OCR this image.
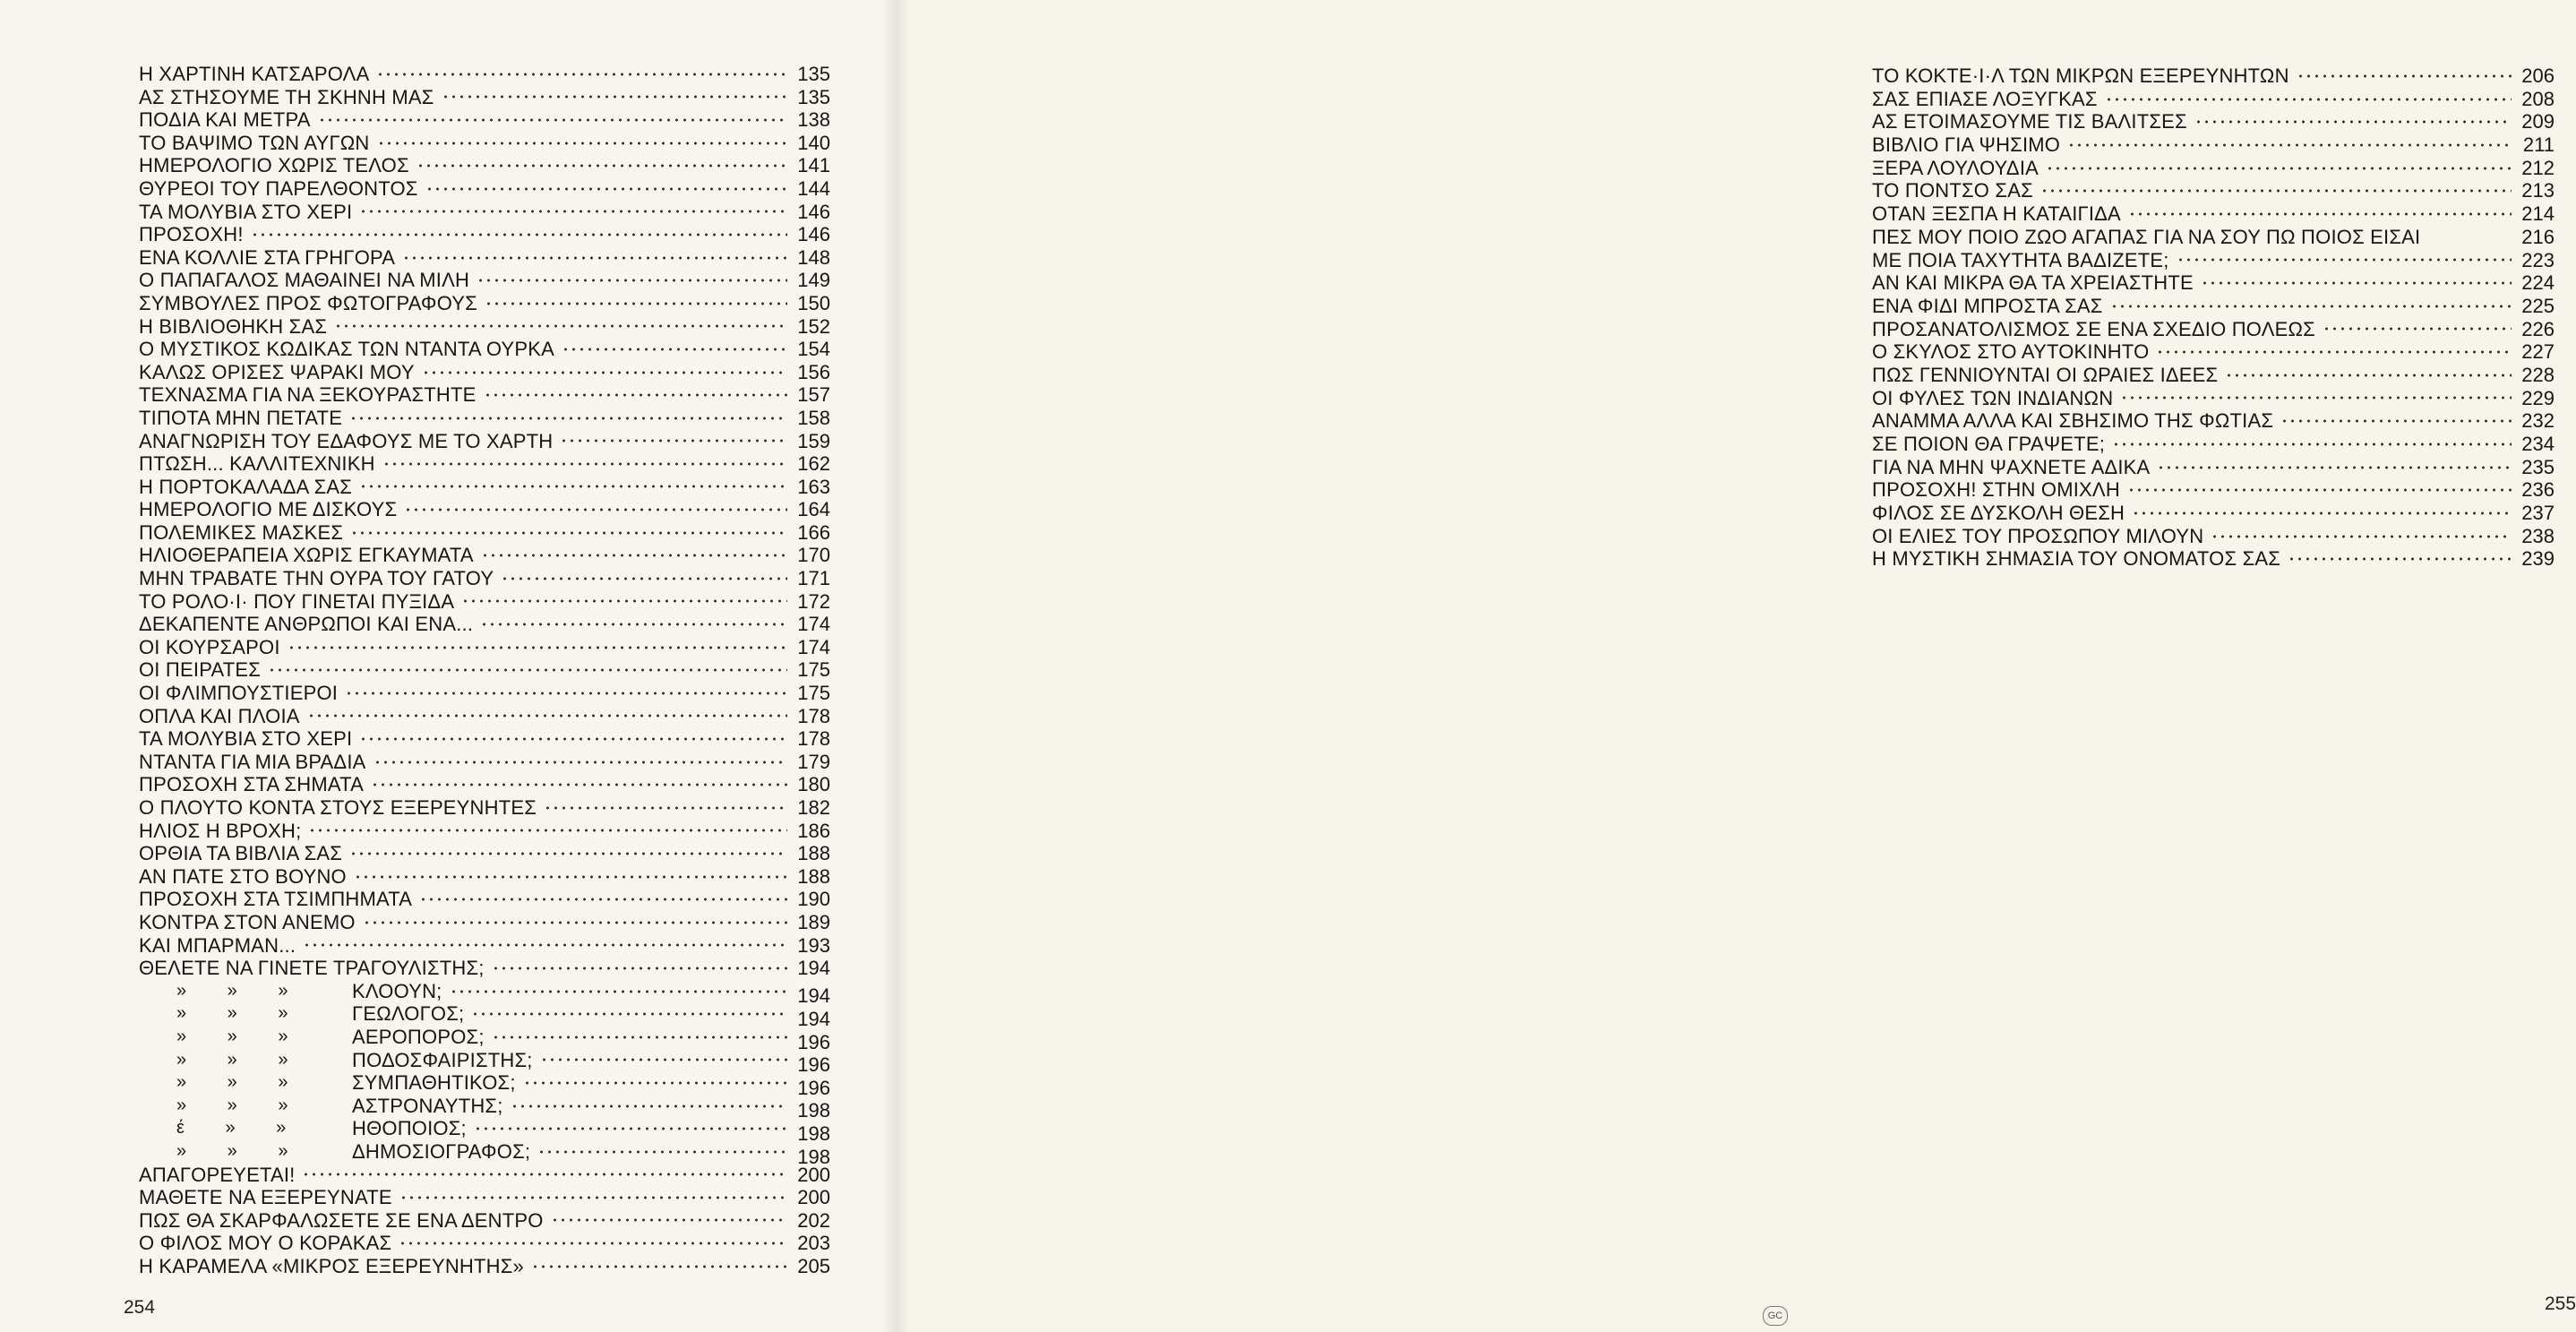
Η ΧΑΡΤΙΝΗ ΚΑΤΣΑΡΟΛΑ	135
ΑΣ ΣΤΗΣΟΥΜΕ ΤΗ ΣΚΗΝΗ ΜΑΣ	135
ΠΟΔΙΑ ΚΑΙ ΜΕΤΡΑ	138
ΤΟ ΒΑΨΙΜΟ ΤΩΝ ΑΥΓΩΝ	140
ΗΜΕΡΟΛΟΓΙΟ ΧΩΡΙΣ ΤΕΛΟΣ	141
ΘΥΡΕΟΙ ΤΟΥ ΠΑΡΕΛΘΟΝΤΟΣ	144
ΤΑ ΜΟΛΥΒΙΑ ΣΤΟ ΧΕΡΙ	146
ΠΡΟΣΟΧΗ!	146
ΕΝΑ ΚΟΛΛΙΕ ΣΤΑ ΓΡΗΓΟΡΑ	148
Ο ΠΑΠΑΓΑΛΟΣ ΜΑΘΑΙΝΕΙ ΝΑ ΜΙΛΗ	149
ΣΥΜΒΟΥΛΕΣ ΠΡΟΣ ΦΩΤΟΓΡΑΦΟΥΣ	150
Η ΒΙΒΛΙΟΘΗΚΗ ΣΑΣ	152
Ο ΜΥΣΤΙΚΟΣ ΚΩΔΙΚΑΣ ΤΩΝ ΝΤΑΝΤΑ ΟΥΡΚΑ	154
ΚΑΛΩΣ ΟΡΙΣΕΣ ΨΑΡΑΚΙ ΜΟΥ	156
ΤΕΧΝΑΣΜΑ ΓΙΑ ΝΑ ΞΕΚΟΥΡΑΣΤΗΤΕ	157
ΤΙΠΟΤΑ ΜΗΝ ΠΕΤΑΤΕ	158
ΑΝΑΓΝΩΡΙΣΗ ΤΟΥ ΕΔΑΦΟΥΣ ΜΕ ΤΟ ΧΑΡΤΗ	159
ΠΤΩΣΗ... ΚΑΛΛΙΤΕΧΝΙΚΗ	162
Η ΠΟΡΤΟΚΑΛΑΔΑ ΣΑΣ	163
ΗΜΕΡΟΛΟΓΙΟ ΜΕ ΔΙΣΚΟΥΣ	164
ΠΟΛΕΜΙΚΕΣ ΜΑΣΚΕΣ	166
ΗΛΙΟΘΕΡΑΠΕΙΑ ΧΩΡΙΣ ΕΓΚΑΥΜΑΤΑ	170
ΜΗΝ ΤΡΑΒΑΤΕ ΤΗΝ ΟΥΡΑ ΤΟΥ ΓΑΤΟΥ	171
ΤΟ ΡΟΛΟ·Ι· ΠΟΥ ΓΙΝΕΤΑΙ ΠΥΞΙΔΑ	172
ΔΕΚΑΠΕΝΤΕ ΑΝΘΡΩΠΟΙ ΚΑΙ ΕΝΑ...	174
ΟΙ ΚΟΥΡΣΑΡΟΙ	174
ΟΙ ΠΕΙΡΑΤΕΣ	175
ΟΙ ΦΛΙΜΠΟΥΣΤΙΕΡΟΙ	175
ΟΠΛΑ ΚΑΙ ΠΛΟΙΑ	178
ΤΑ ΜΟΛΥΒΙΑ ΣΤΟ ΧΕΡΙ	178
ΝΤΑΝΤΑ ΓΙΑ ΜΙΑ ΒΡΑΔΙΑ	179
ΠΡΟΣΟΧΗ ΣΤΑ ΣΗΜΑΤΑ	180
Ο ΠΛΟΥΤΟ ΚΟΝΤΑ ΣΤΟΥΣ ΕΞΕΡΕΥΝΗΤΕΣ	182
ΗΛΙΟΣ Η ΒΡΟΧΗ;	186
ΟΡΘΙΑ ΤΑ ΒΙΒΛΙΑ ΣΑΣ	188
ΑΝ ΠΑΤΕ ΣΤΟ ΒΟΥΝΟ	188
ΠΡΟΣΟΧΗ ΣΤΑ ΤΣΙΜΠΗΜΑΤΑ	190
ΚΟΝΤΡΑ ΣΤΟΝ ΑΝΕΜΟ	189
ΚΑΙ ΜΠΑΡΜΑΝ...	193
ΘΕΛΕΤΕ ΝΑ ΓΙΝΕΤΕ ΤΡΑΓΟΥΛΙΣΤΗΣ;	194
» » »	ΚΛΟΟΥΝ;	194
» » »	ΓΕΩΛΟΓΟΣ;	194
» » »	ΑΕΡΟΠΟΡΟΣ;	196
» » »	ΠΟΔΟΣΦΑΙΡΙΣΤΗΣ;	196
» » »	ΣΥΜΠΑΘΗΤΙΚΟΣ;	196
» » »	ΑΣΤΡΟΝΑΥΤΗΣ;	198
έ » »	ΗΘΟΠΟΙΟΣ;	198
» » »	ΔΗΜΟΣΙΟΓΡΑΦΟΣ;	198
ΑΠΑΓΟΡΕΥΕΤΑΙ!	200
ΜΑΘΕΤΕ ΝΑ ΕΞΕΡΕΥΝΑΤΕ	200
ΠΩΣ ΘΑ ΣΚΑΡΦΑΛΩΣΕΤΕ ΣΕ ΕΝΑ ΔΕΝΤΡΟ	202
Ο ΦΙΛΟΣ ΜΟΥ Ο ΚΟΡΑΚΑΣ	203
Η ΚΑΡΑΜΕΛΑ «ΜΙΚΡΟΣ ΕΞΕΡΕΥΝΗΤΗΣ»	205
254
ΤΟ ΚΟΚΤΕ·Ι·Λ ΤΩΝ ΜΙΚΡΩΝ ΕΞΕΡΕΥΝΗΤΩΝ	206
ΣΑΣ ΕΠΙΑΣΕ ΛΟΞΥΓΚΑΣ	208
ΑΣ ΕΤΟΙΜΑΣΟΥΜΕ ΤΙΣ ΒΑΛΙΤΣΕΣ	209
ΒΙΒΛΙΟ ΓΙΑ ΨΗΣΙΜΟ	211
ΞΕΡΑ ΛΟΥΛΟΥΔΙΑ	212
ΤΟ ΠΟΝΤΣΟ ΣΑΣ	213
ΟΤΑΝ ΞΕΣΠΑ Η ΚΑΤΑΙΓΙΔΑ	214
ΠΕΣ ΜΟΥ ΠΟΙΟ ΖΩΟ ΑΓΑΠΑΣ ΓΙΑ ΝΑ ΣΟΥ ΠΩ ΠΟΙΟΣ ΕΙΣΑΙ	216
ΜΕ ΠΟΙΑ ΤΑΧΥΤΗΤΑ ΒΑΔΙΖΕΤΕ;	223
ΑΝ ΚΑΙ ΜΙΚΡΑ ΘΑ ΤΑ ΧΡΕΙΑΣΤΗΤΕ	224
ΕΝΑ ΦΙΔΙ ΜΠΡΟΣΤΑ ΣΑΣ	225
ΠΡΟΣΑΝΑΤΟΛΙΣΜΟΣ ΣΕ ΕΝΑ ΣΧΕΔΙΟ ΠΟΛΕΩΣ	226
Ο ΣΚΥΛΟΣ ΣΤΟ ΑΥΤΟΚΙΝΗΤΟ	227
ΠΩΣ ΓΕΝΝΙΟΥΝΤΑΙ ΟΙ ΩΡΑΙΕΣ ΙΔΕΕΣ	228
ΟΙ ΦΥΛΕΣ ΤΩΝ ΙΝΔΙΑΝΩΝ	229
ΑΝΑΜΜΑ ΑΛΛΑ ΚΑΙ ΣΒΗΣΙΜΟ ΤΗΣ ΦΩΤΙΑΣ	232
ΣΕ ΠΟΙΟΝ ΘΑ ΓΡΑΨΕΤΕ;	234
ΓΙΑ ΝΑ ΜΗΝ ΨΑΧΝΕΤΕ ΑΔΙΚΑ	235
ΠΡΟΣΟΧΗ! ΣΤΗΝ ΟΜΙΧΛΗ	236
ΦΙΛΟΣ ΣΕ ΔΥΣΚΟΛΗ ΘΕΣΗ	237
ΟΙ ΕΛΙΕΣ ΤΟΥ ΠΡΟΣΩΠΟΥ ΜΙΛΟΥΝ	238
Η ΜΥΣΤΙΚΗ ΣΗΜΑΣΙΑ ΤΟΥ ΟΝΟΜΑΤΟΣ ΣΑΣ	239
255
GC
